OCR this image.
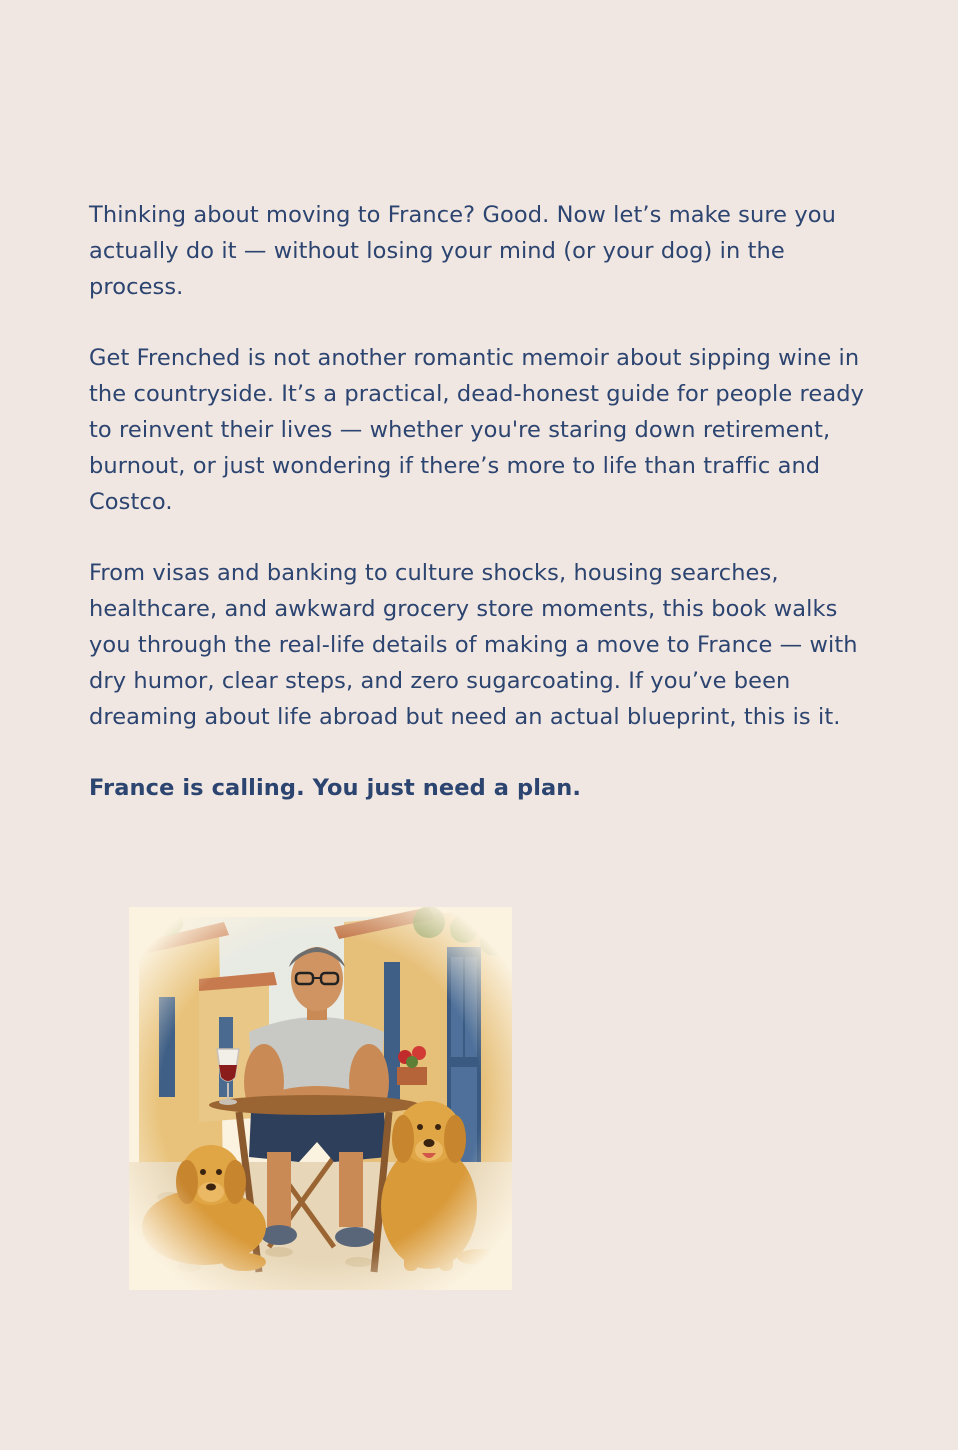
Thinking about moving to France? Good. Now let’s make sure you actually do it — without losing your mind (or your dog) in the process.

Get Frenched is not another romantic memoir about sipping wine in the countryside. It’s a practical, dead-honest guide for people ready to reinvent their lives — whether you're staring down retirement, burnout, or just wondering if there’s more to life than traffic and Costco.

From visas and banking to culture shocks, housing searches, healthcare, and awkward grocery store moments, this book walks you through the real-life details of making a move to France — with dry humor, clear steps, and zero sugarcoating. If you’ve been dreaming about life abroad but need an actual blueprint, this is it.

France is calling. You just need a plan.
